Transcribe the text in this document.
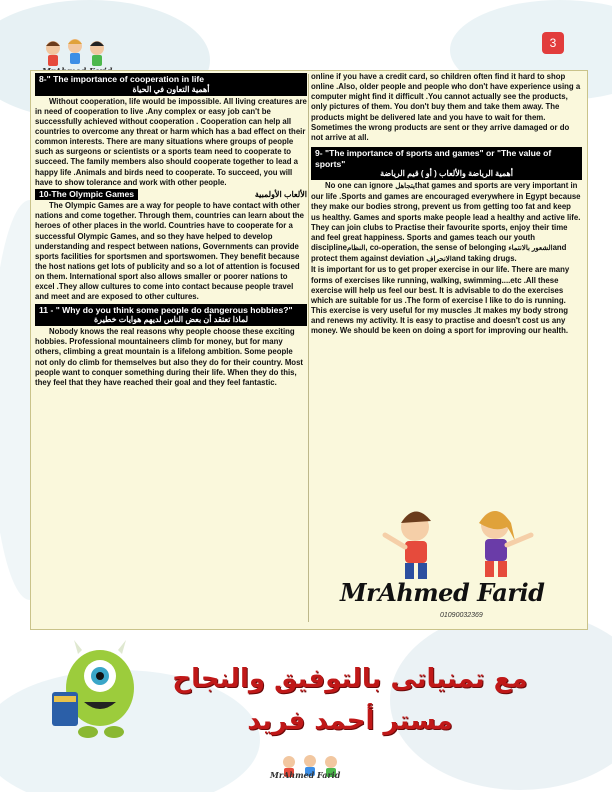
3
8-" The importance of cooperation in life
أهمية التعاون في الحياة

Without cooperation, life would be impossible. All living creatures are in need of cooperation to live .Any complex or easy job can't be successfully achieved without cooperation . Cooperation can help all countries to overcome any threat or harm which has a bad effect on their common interests. There are many situations where groups of people such as surgeons or scientists or a sports team need to cooperate to succeed. The family members also should cooperate together to lead a happy life .Animals and birds need to cooperate. To succeed, you will have to show tolerance and work with other people.

10-The Olympic Games	الألعاب الأولمبية

The Olympic Games are a way for people to have contact with other nations and come together. Through them, countries can learn about the heroes of other places in the world. Countries have to cooperate for a successful Olympic Games, and so they have helped to develop understanding and respect between nations, Governments can provide sports facilities for sportsmen and sportswomen. They benefit because the host nations get lots of publicity and so a lot of attention is focused on them. International sport also allows smaller or poorer nations to excel .They allow cultures to come into contact because people travel and meet and are exposed to other cultures.

11 - " Why do you think some people do dangerous hobbies?"
لماذا تعتقد أن بعض الناس لديهم هوايات خطيرة

Nobody knows the real reasons why people choose these exciting hobbies. Professional mountaineers climb for money, but for many others, climbing a great mountain is a lifelong ambition. Some people not only do climb for themselves but also they do for their country. Most people want to conquer something during their life. When they do this, they feel that they have reached their goal and they feel fantastic.

online if you have a credit card, so children often find it hard to shop online .Also, older people and people who don't have experience using a computer might find it difficult .You cannot actually see the products, only pictures of them. You don't buy them and take them away. The products might be delivered late and you have to wait for them. Sometimes the wrong products are sent or they arrive damaged or do not arrive at all.

9- "The importance of sports and games" or "The value of sports"
أهمية الرياضة والألعاب ( أو ) قيم الرياضة

No one can ignore يتجاهلthat games and sports are very important in our life .Sports and games are encouraged everywhere in Egypt because they make our bodies strong, prevent us from getting too fat and keep us healthy. Games and sports make people lead a healthy and active life. They can join clubs to Practise their favourite sports, enjoy their time and feel great happiness. Sports and games teach our youth disciplineالنظام, co-operation, the sense of belonging الشعور بالانتماءand protect them against deviation الانحرافand taking drugs.

It is important for us to get proper exercise in our life. There are many forms of exercises like running, walking, swimming....etc .All these exercise will help us feel our best. It is advisable to do the exercises which are suitable for us .The form of exercise I like to do is running. This exercise is very useful for my muscles .It makes my body strong and renews my activity. It is easy to practise and doesn't cost us any money. We should be keen on doing a sport for improving our health.

MrAhmed Farid
01090032369
مع تمنياتى بالتوفيق والنجاح
مستر أحمد فريد
MrAhmed Farid
